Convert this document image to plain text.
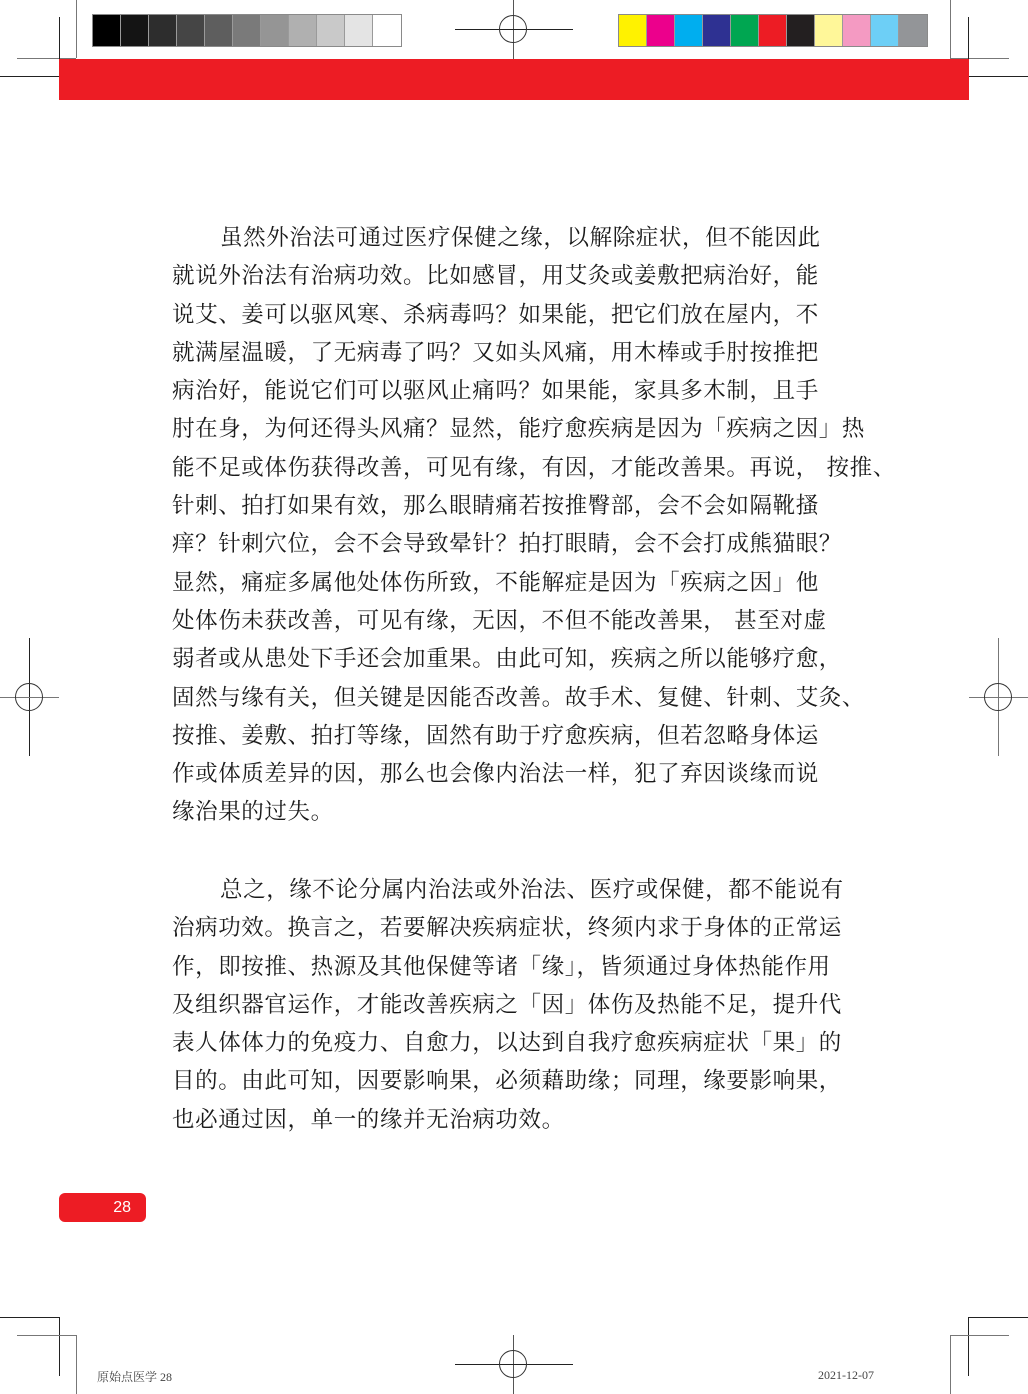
虽然外治法可通过医疗保健之缘，以解除症状，但不能因此
就说外治法有治病功效。比如感冒，用艾灸或姜敷把病治好，能
说艾、姜可以驱风寒、杀病毒吗？如果能，把它们放在屋内，不
就满屋温暖，了无病毒了吗？又如头风痛，用木棒或手肘按推把
病治好，能说它们可以驱风止痛吗？如果能，家具多木制，且手
肘在身，为何还得头风痛？显然，能疗愈疾病是因为「疾病之因」热
能不足或体伤获得改善，可见有缘，有因，才能改善果。再说， 按推、
针刺、拍打如果有效，那么眼睛痛若按推臀部，会不会如隔靴搔
痒？针刺穴位，会不会导致晕针？拍打眼睛，会不会打成熊猫眼？
显然，痛症多属他处体伤所致，不能解症是因为「疾病之因」他
处体伤未获改善，可见有缘，无因，不但不能改善果， 甚至对虚
弱者或从患处下手还会加重果。由此可知，疾病之所以能够疗愈，
固然与缘有关，但关键是因能否改善。故手术、复健、针刺、艾灸、
按推、姜敷、拍打等缘，固然有助于疗愈疾病，但若忽略身体运
作或体质差异的因，那么也会像内治法一样，犯了弃因谈缘而说
缘治果的过失。

总之，缘不论分属内治法或外治法、医疗或保健，都不能说有
治病功效。换言之，若要解决疾病症状，终须内求于身体的正常运
作，即按推、热源及其他保健等诸「缘」，皆须通过身体热能作用
及组织器官运作，才能改善疾病之「因」体伤及热能不足，提升代
表人体体力的免疫力、自愈力，以达到自我疗愈疾病症状「果」的
目的。由此可知，因要影响果，必须藉助缘；同理，缘要影响果，
也必通过因，单一的缘并无治病功效。

28
原始点医学 28	2021-12-07
